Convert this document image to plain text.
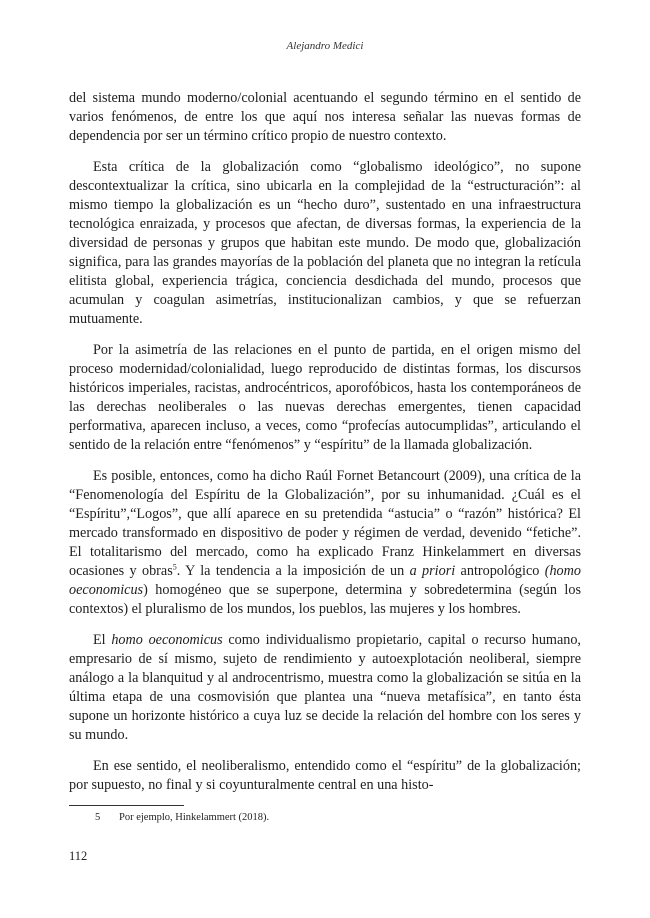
Alejandro Medici

del sistema mundo moderno/colonial acentuando el segundo término en el sentido de varios fenómenos, de entre los que aquí nos interesa señalar las nuevas formas de dependencia por ser un término crítico propio de nuestro contexto.

Esta crítica de la globalización como “globalismo ideológico”, no supone descontextualizar la crítica, sino ubicarla en la complejidad de la “estructuración”: al mismo tiempo la globalización es un “hecho duro”, sustentado en una infraestructura tecnológica enraizada, y procesos que afectan, de diversas formas, la experiencia de la diversidad de personas y grupos que habitan este mundo. De modo que, globalización significa, para las grandes mayorías de la población del planeta que no integran la retícula elitista global, experiencia trágica, conciencia desdichada del mundo, procesos que acumulan y coagulan asimetrías, institucionalizan cambios, y que se refuerzan mutuamente.

Por la asimetría de las relaciones en el punto de partida, en el origen mismo del proceso modernidad/colonialidad, luego reproducido de distintas formas, los discursos históricos imperiales, racistas, androcéntricos, aporofóbicos, hasta los contemporáneos de las derechas neoliberales o las nuevas derechas emergentes, tienen capacidad performativa, aparecen incluso, a veces, como “profecías autocumplidas”, articulando el sentido de la relación entre “fenómenos” y “espíritu” de la llamada globalización.

Es posible, entonces, como ha dicho Raúl Fornet Betancourt (2009), una crítica de la “Fenomenología del Espíritu de la Globalización”, por su inhumanidad. ¿Cuál es el “Espíritu”,“Logos”, que allí aparece en su pretendida “astucia” o “razón” histórica? El mercado transformado en dispositivo de poder y régimen de verdad, devenido “fetiche”. El totalitarismo del mercado, como ha explicado Franz Hinkelammert en diversas ocasiones y obras$^5$. Y la tendencia a la imposición de un a priori antropológico (homo oeconomicus) homogéneo que se superpone, determina y sobredetermina (según los contextos) el pluralismo de los mundos, los pueblos, las mujeres y los hombres.

El homo oeconomicus como individualismo propietario, capital o recurso humano, empresario de sí mismo, sujeto de rendimiento y autoexplotación neoliberal, siempre análogo a la blanquitud y al androcentrismo, muestra como la globalización se sitúa en la última etapa de una cosmovisión que plantea una “nueva metafísica”, en tanto ésta supone un horizonte histórico a cuya luz se decide la relación del hombre con los seres y su mundo.

En ese sentido, el neoliberalismo, entendido como el “espíritu” de la globalización; por supuesto, no final y si coyunturalmente central en una histo-

5 Por ejemplo, Hinkelammert (2018).
112
